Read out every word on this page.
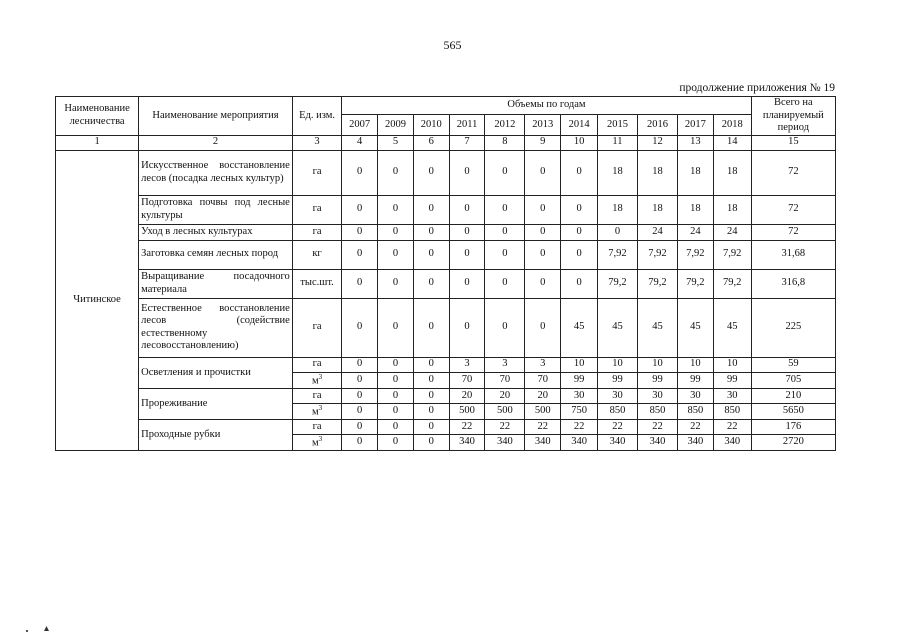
565
продолжение приложения № 19
Наименование лесничества	Наименование мероприятия	Ед. изм.	Объемы по годам											Всего на планируемый период
			2007	2009	2010	2011	2012	2013	2014	2015	2016	2017	2018	
1	2	3	4	5	6	7	8	9	10	11	12	13	14	15
Читинское	Искусственное восстановление лесов (посадка лесных культур)	га	0	0	0	0	0	0	0	18	18	18	18	72
	Подготовка почвы под лесные культуры	га	0	0	0	0	0	0	0	18	18	18	18	72
	Уход в лесных культурах	га	0	0	0	0	0	0	0	0	24	24	24	72
	Заготовка семян лесных пород	кг	0	0	0	0	0	0	0	7,92	7,92	7,92	7,92	31,68
	Выращивание посадочного материала	тыс.шт.	0	0	0	0	0	0	0	79,2	79,2	79,2	79,2	316,8
	Естественное восстановление лесов (содействие естественному лесовосстановлению)	га	0	0	0	0	0	0	45	45	45	45	45	225
	Осветления и прочистки	га	0	0	0	3	3	3	10	10	10	10	10	59
		$м^3$	0	0	0	70	70	70	99	99	99	99	99	705
	Прореживание	га	0	0	0	20	20	20	30	30	30	30	30	210
		$м^3$	0	0	0	500	500	500	750	850	850	850	850	5650
	Проходные рубки	га	0	0	0	22	22	22	22	22	22	22	22	176
		$м^3$	0	0	0	340	340	340	340	340	340	340	340	2720
